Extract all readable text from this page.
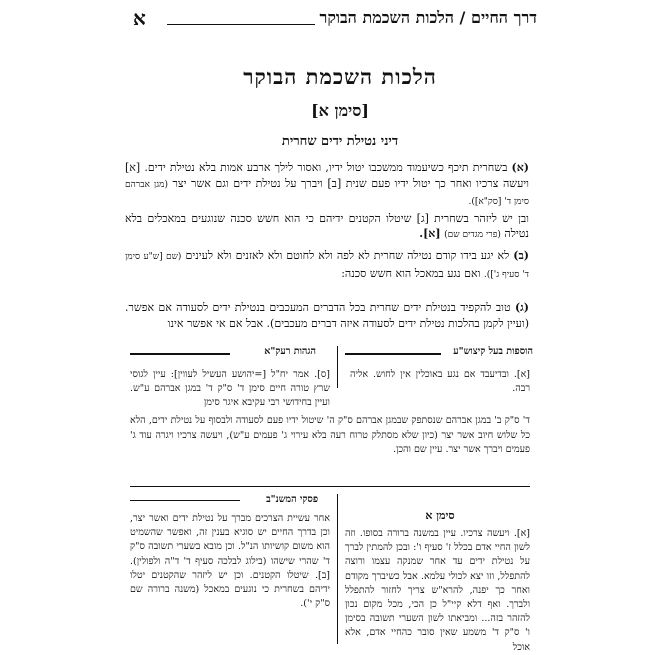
דרך החיים / הלכות השכמת הבוקר
א
הלכות השכמת הבוקר
[סימן א]
דיני נטילת ידים שחרית
(א) בשחרית תיכף כשיעמוד ממשכבו יטול ידיו, ואסור לילך ארבע אמות בלא נטילת ידים. [א] ויעשה צרכיו ואחר כך יטול ידיו פעם שנית [ב] ויברך על נטילת ידים וגם אשר יצר (מגן אברהם סימן ד' [סק"א]).
ובן יש ליזהר בשחרית [ג] שיטלו הקטנים ידיהם כי הוא חשש סכנה שנוגעים במאכלים בלא נטילה (פרי מגדים שם) [א].
(ב) לא יגע בידו קודם נטילה שחרית לא לפה ולא לחוטם ולא לאזנים ולא לעינים (שם [ש"ע סימן ד' סעיף ג']). ואם נגע במאכל הוא חשש סכנה:
(ג) טוב להקפיד בנטילת ידים שחרית בכל הדברים המעכבים בנטילת ידים לסעודה אם אפשר. (ועיין לקמן בהלכות נטילת ידים לסעודה איזה דברים מעכבים). אבל אם אי אפשר אינו
הוספות בעל קיצוש"ע
הגהות רעק"א
[א]. ובדיעבד אם נגע באוכלין אין לחוש. אליה רבה.
[ס]. אמר יח"ל [=יהושע העשיל לעווין]: עיין לגוסי שרץ טורה חיים סימן ד' ס"ק ד' במגן אברהם ע"ש. ועיין בחידושי רבי עקיבא איגר סימן
ד' ס"ק ב' במגן אברהם שנסתפק שבמגן אברהם ס"ק ה' שיטול ידיו פעם לסעודה ולבסוף על נטילת ידים, הלא כל שלוש חיוב אשר יצר (כיון שלא מסתלק טרוח רעה בלא עירוי ג' פעמים ע"ש), ויעשה צרכיו ויגרה עוד ג' פעמים ויברך אשר יצר. עיין שם והכן.
פסקי המשנ"ב
סימן א
אחר עשיית הצרכים מברך על נטילת ידים ואשר יצר, וכן בדרך החיים יש סוגיא בענין זה, ואפשר שהשמיט הוא משום קושיותו הנ"ל. וכן מובא בשערי תשובה ס"ק ד' שהרי שישהו (בילוג לבלכה סעיף ד' ד"ה ולפולין). [ב]. שיטלו הקטנים. וכן יש ליזהר שהקטנים יטלו ידיהם בשחרית כי נוגעים במאכל (משנה ברורה שם ס"ק י').
[א]. ויעשה צרכיו. עיין במשנה ברורה בסופו. וזה לשון החיי אדם בכלל ז' סעיף ו': ובכן להמתין לברך על נטילת ידים עד אחר שמנקה עצמו ורוצה להתפלל, וזו יצא לכולי עלמא. אבל כשיברך מקודם ואחר כך יפנה, להרא"ש צריך לחזור להתפלל ולברך. ואף דלא קיי"ל כן הכי, מכל מקום נכון להזהר בזה... ומביאתו לשון השערי תשובה בסימן ו' ס"ק ד' משמע שאין סובר כהחיי אדם, אלא אוכל
